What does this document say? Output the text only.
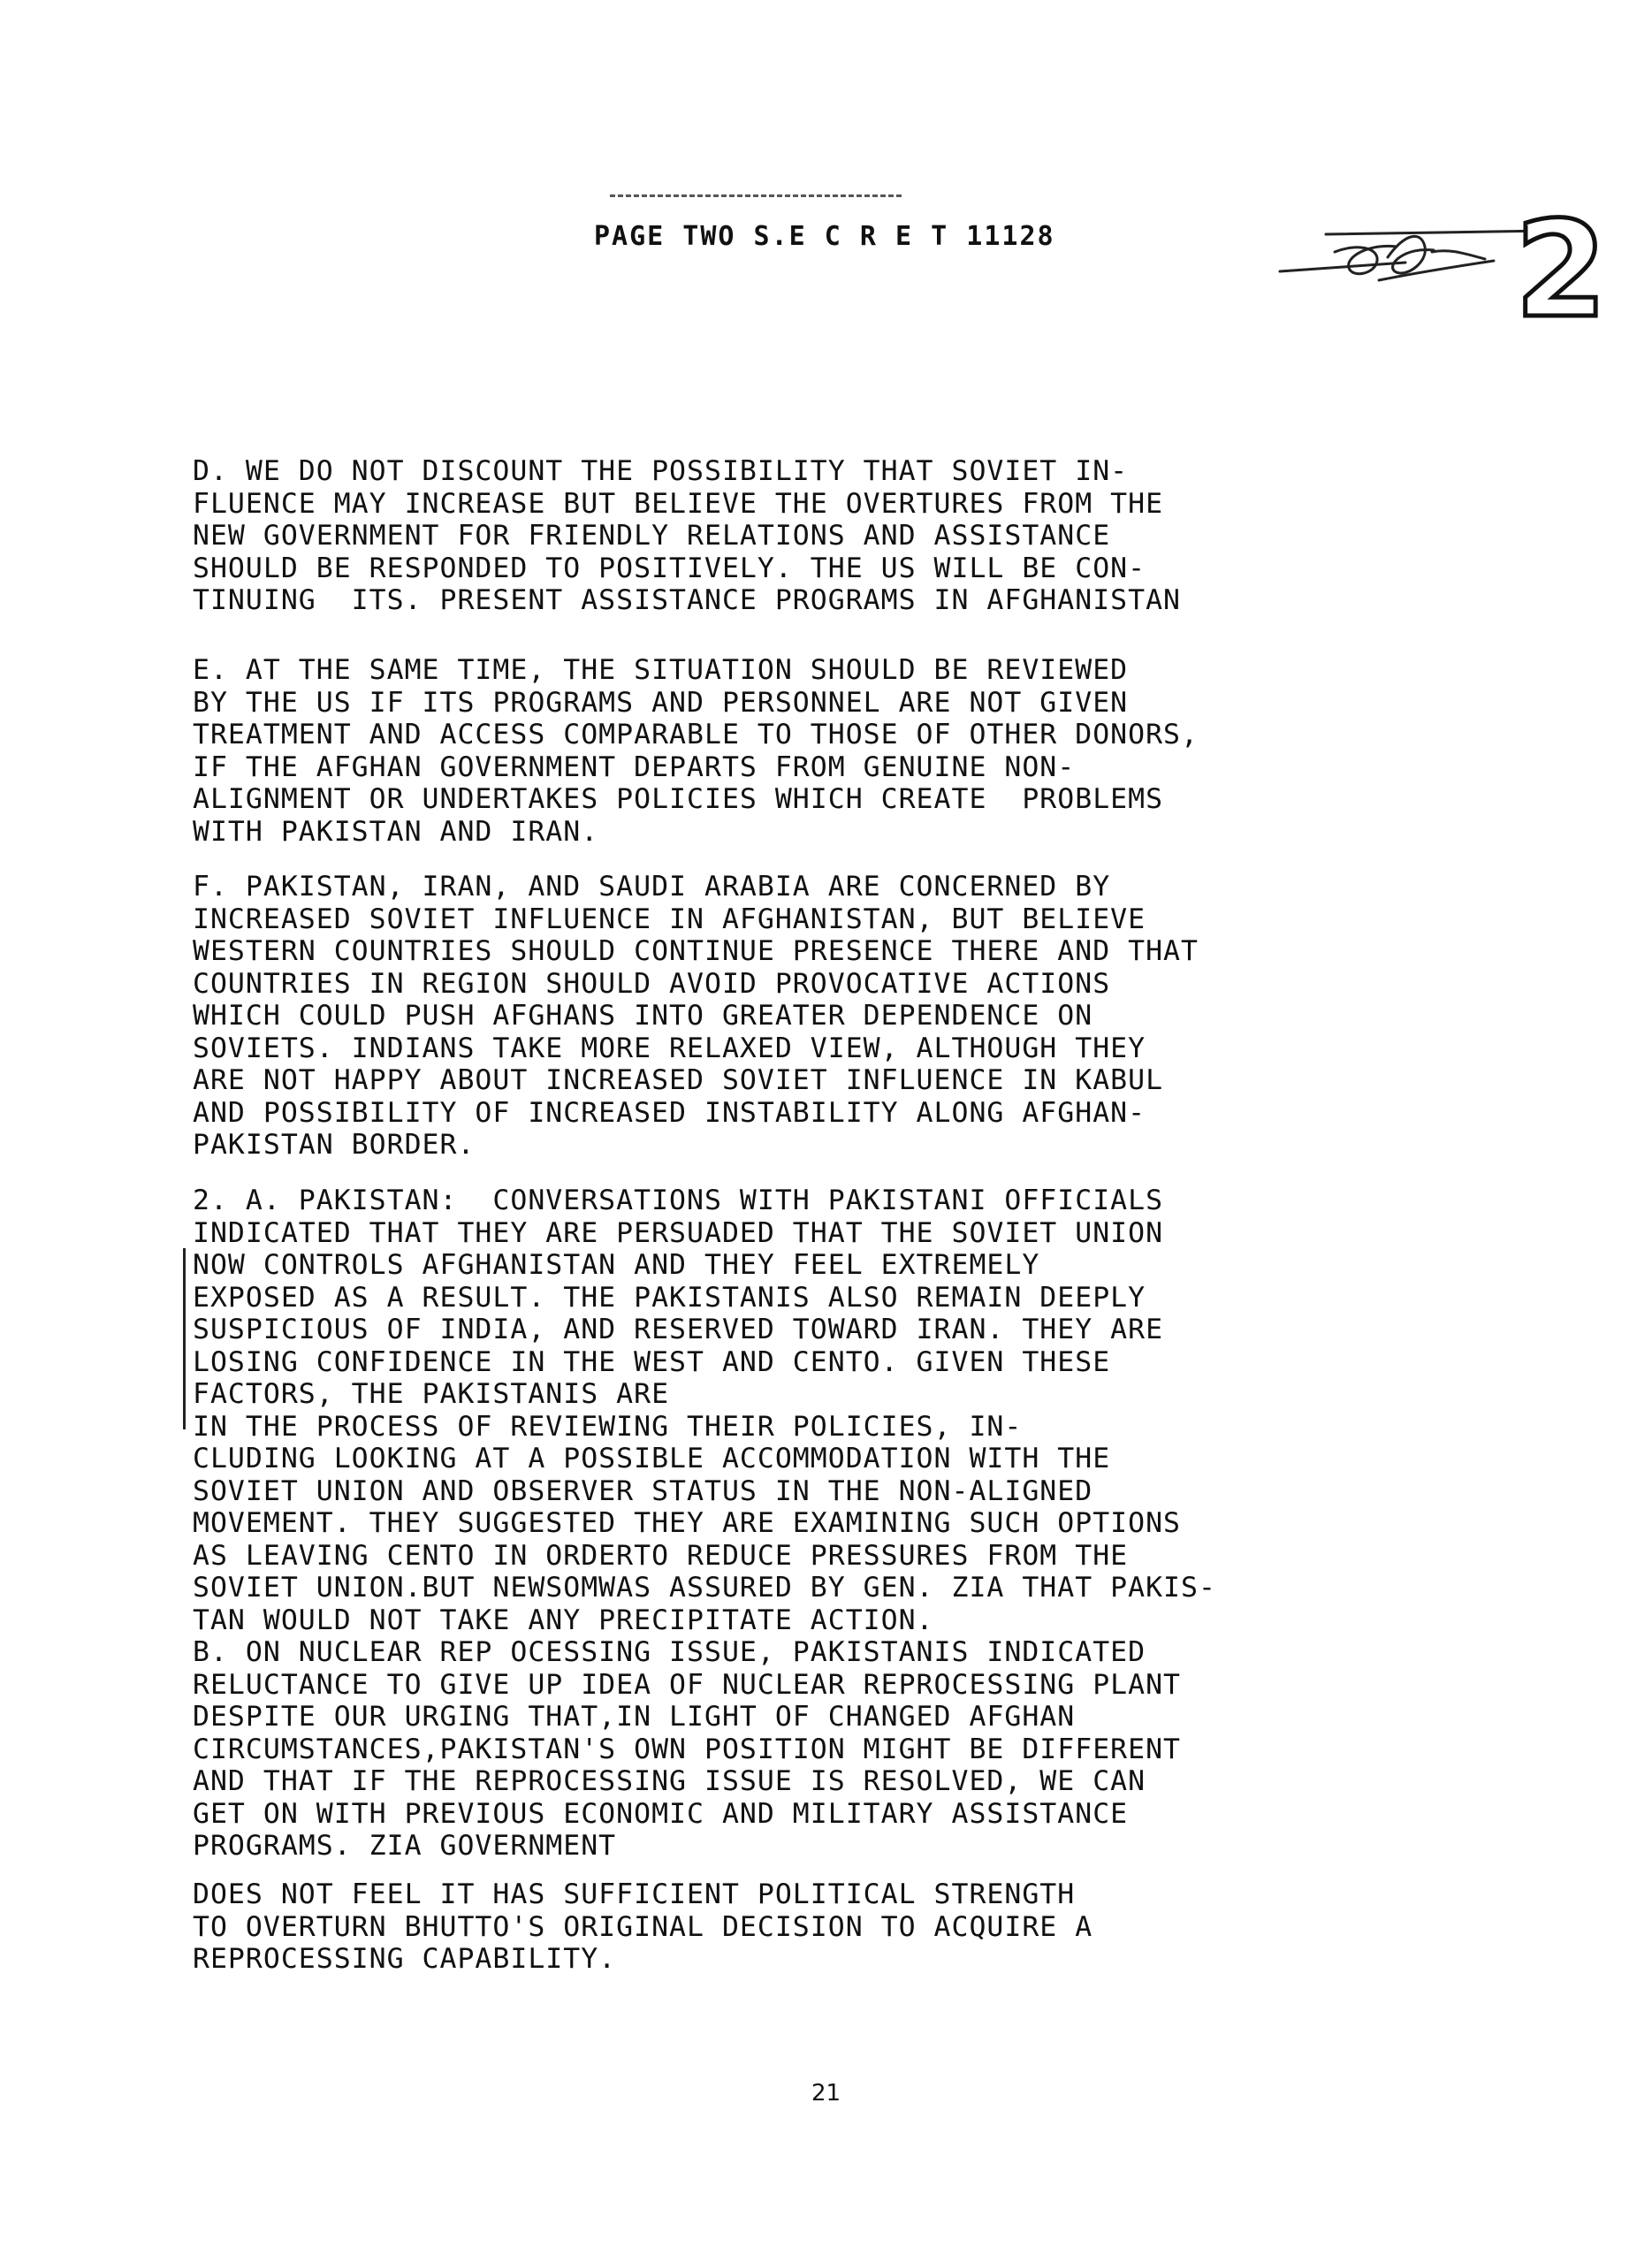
PAGE TWO S.E C R E T 11128	2
D. WE DO NOT DISCOUNT THE POSSIBILITY THAT SOVIET IN-
FLUENCE MAY INCREASE BUT BELIEVE THE OVERTURES FROM THE
NEW GOVERNMENT FOR FRIENDLY RELATIONS AND ASSISTANCE
SHOULD BE RESPONDED TO POSITIVELY. THE US WILL BE CON-
TINUING  ITS. PRESENT ASSISTANCE PROGRAMS IN AFGHANISTAN
E. AT THE SAME TIME, THE SITUATION SHOULD BE REVIEWED
BY THE US IF ITS PROGRAMS AND PERSONNEL ARE NOT GIVEN
TREATMENT AND ACCESS COMPARABLE TO THOSE OF OTHER DONORS,
IF THE AFGHAN GOVERNMENT DEPARTS FROM GENUINE NON-
ALIGNMENT OR UNDERTAKES POLICIES WHICH CREATE  PROBLEMS
WITH PAKISTAN AND IRAN.
F. PAKISTAN, IRAN, AND SAUDI ARABIA ARE CONCERNED BY
INCREASED SOVIET INFLUENCE IN AFGHANISTAN, BUT BELIEVE
WESTERN COUNTRIES SHOULD CONTINUE PRESENCE THERE AND THAT
COUNTRIES IN REGION SHOULD AVOID PROVOCATIVE ACTIONS
WHICH COULD PUSH AFGHANS INTO GREATER DEPENDENCE ON
SOVIETS. INDIANS TAKE MORE RELAXED VIEW, ALTHOUGH THEY
ARE NOT HAPPY ABOUT INCREASED SOVIET INFLUENCE IN KABUL
AND POSSIBILITY OF INCREASED INSTABILITY ALONG AFGHAN-
PAKISTAN BORDER.
2. A. PAKISTAN:  CONVERSATIONS WITH PAKISTANI OFFICIALS
INDICATED THAT THEY ARE PERSUADED THAT THE SOVIET UNION
NOW CONTROLS AFGHANISTAN AND THEY FEEL EXTREMELY
EXPOSED AS A RESULT. THE PAKISTANIS ALSO REMAIN DEEPLY
SUSPICIOUS OF INDIA, AND RESERVED TOWARD IRAN. THEY ARE
LOSING CONFIDENCE IN THE WEST AND CENTO. GIVEN THESE
FACTORS, THE PAKISTANIS ARE
IN THE PROCESS OF REVIEWING THEIR POLICIES, IN-
CLUDING LOOKING AT A POSSIBLE ACCOMMODATION WITH THE
SOVIET UNION AND OBSERVER STATUS IN THE NON-ALIGNED
MOVEMENT. THEY SUGGESTED THEY ARE EXAMINING SUCH OPTIONS
AS LEAVING CENTO IN ORDERTO REDUCE PRESSURES FROM THE
SOVIET UNION.BUT NEWSOMWAS ASSURED BY GEN. ZIA THAT PAKIS-
TAN WOULD NOT TAKE ANY PRECIPITATE ACTION.
B. ON NUCLEAR REP OCESSING ISSUE, PAKISTANIS INDICATED
RELUCTANCE TO GIVE UP IDEA OF NUCLEAR REPROCESSING PLANT
DESPITE OUR URGING THAT,IN LIGHT OF CHANGED AFGHAN
CIRCUMSTANCES,PAKISTAN'S OWN POSITION MIGHT BE DIFFERENT
AND THAT IF THE REPROCESSING ISSUE IS RESOLVED, WE CAN
GET ON WITH PREVIOUS ECONOMIC AND MILITARY ASSISTANCE
PROGRAMS. ZIA GOVERNMENT
DOES NOT FEEL IT HAS SUFFICIENT POLITICAL STRENGTH
TO OVERTURN BHUTTO'S ORIGINAL DECISION TO ACQUIRE A
REPROCESSING CAPABILITY.
21
